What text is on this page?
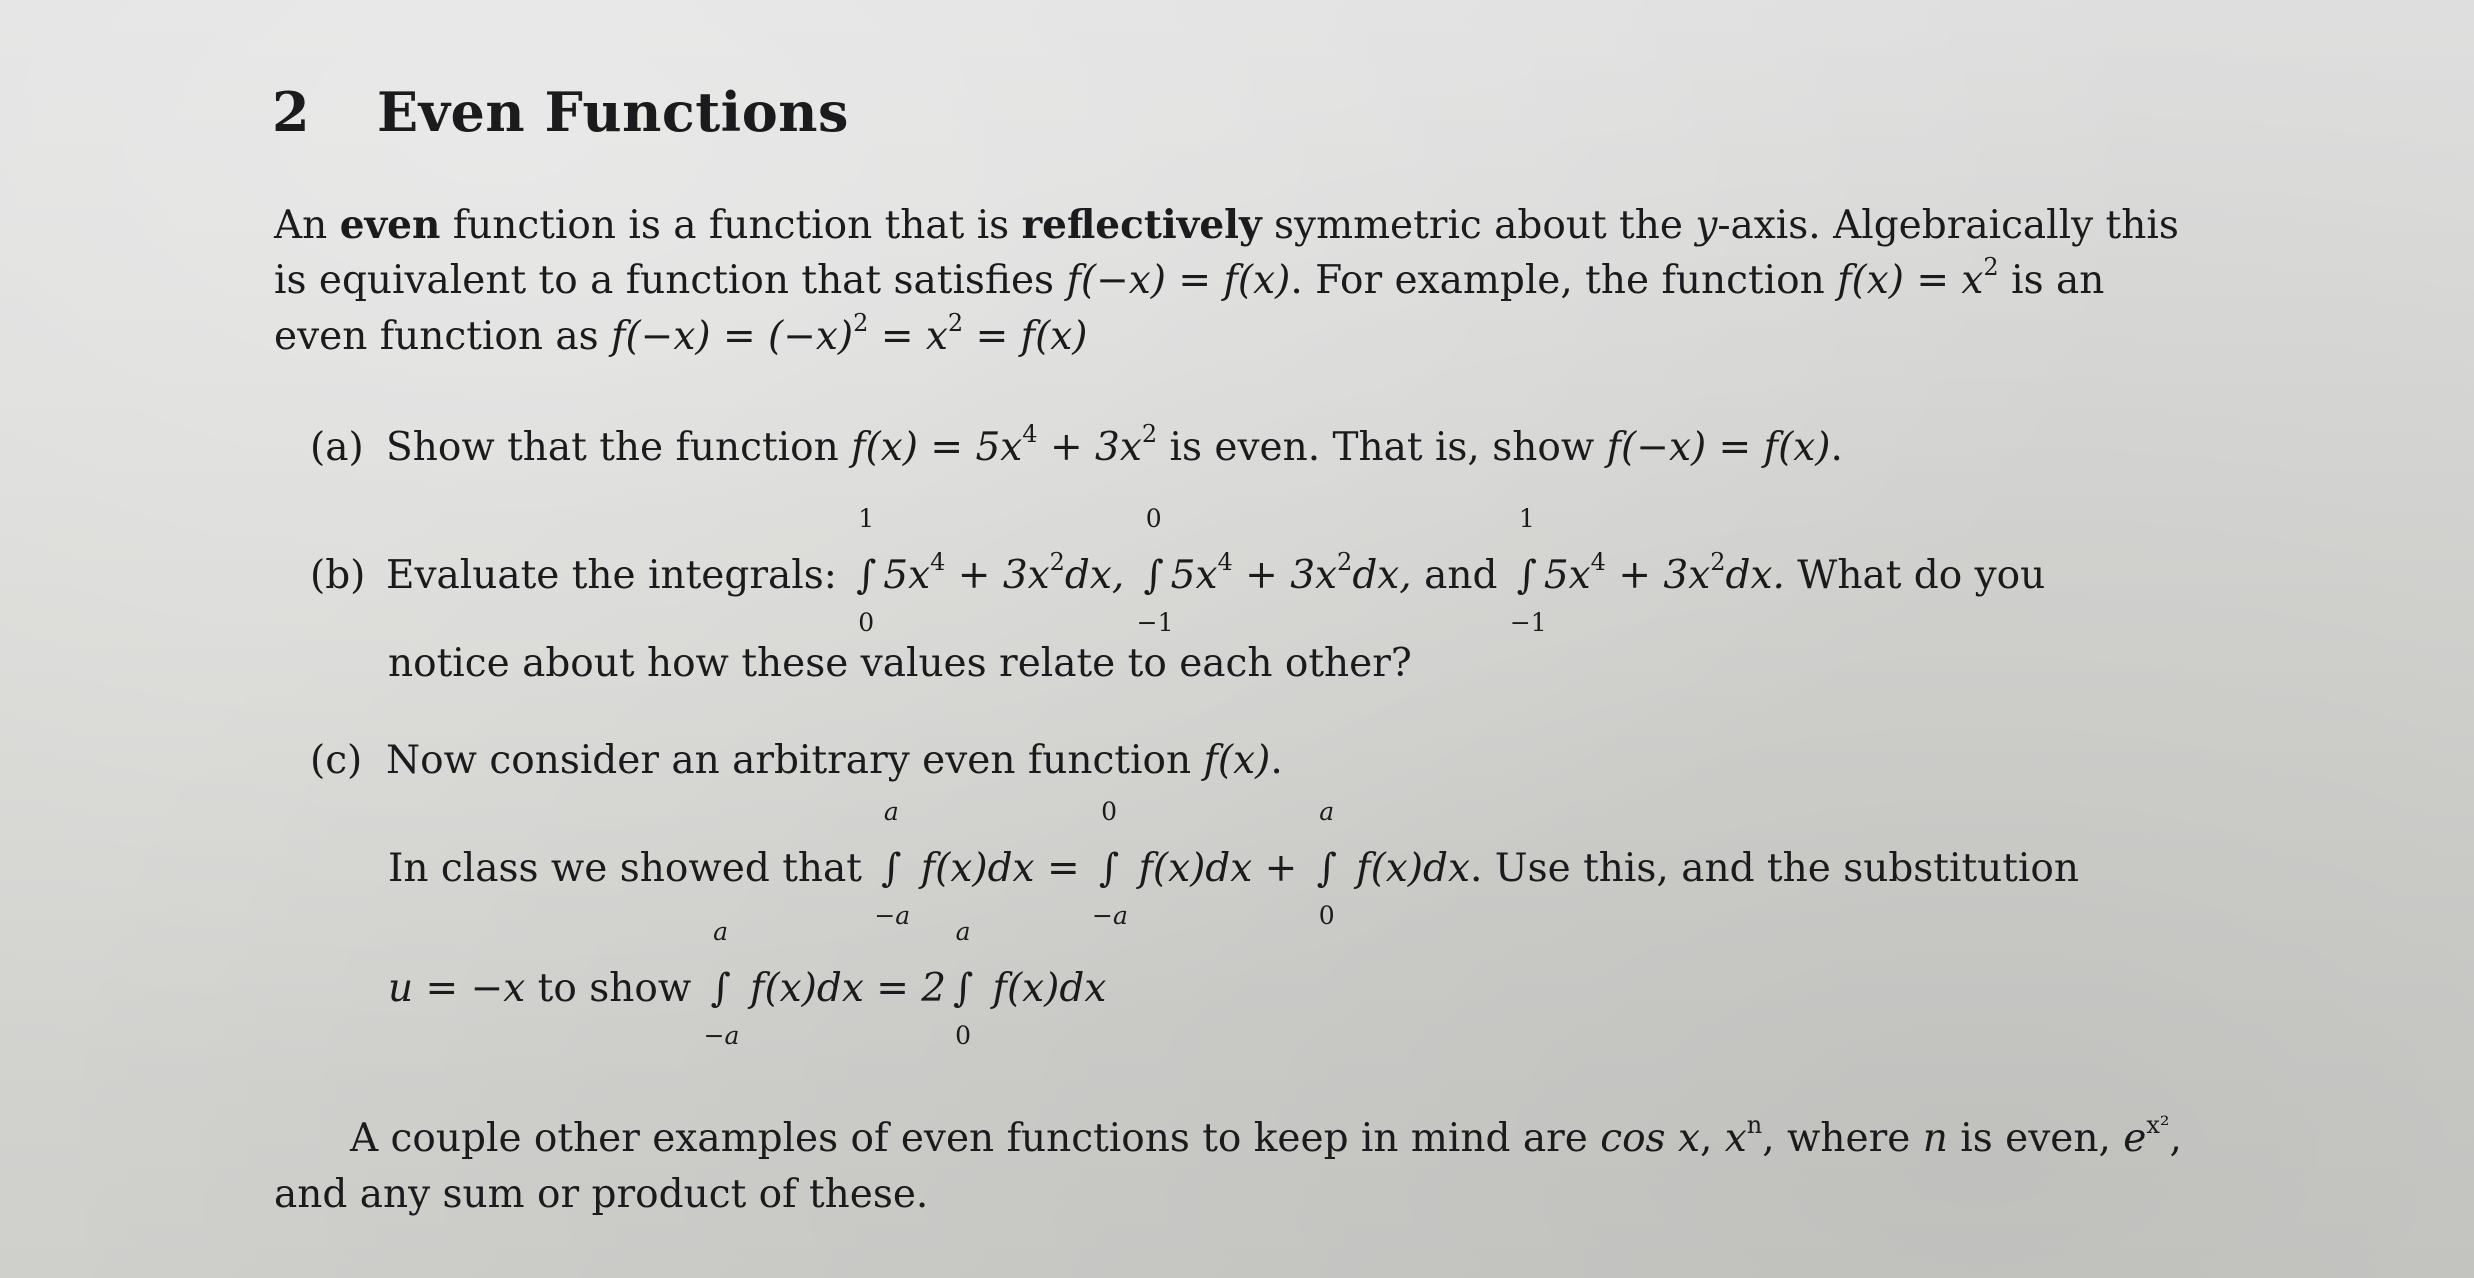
2 Even Functions
An even function is a function that is reflectively symmetric about the y-axis. Algebraically this
is equivalent to a function that satisfies f(−x) = f(x). For example, the function $f(x) = x^2$ is an
even function as $f(-x) = (-x)^2 = x^2 = f(x)$
(a) Show that the function $f(x) = 5x^4 + 3x^2$ is even. That is, show f(−x) = f(x).
(b) Evaluate the integrals:
1
∫
0
$5x^4 + 3x^2dx$,
0
∫
−1
$5x^4 + 3x^2dx$, and
1
∫
−1
$5x^4 + 3x^2dx$. What do you
notice about how these values relate to each other?
(c) Now consider an arbitrary even function f(x).
In class we showed that
a
∫
−a
f(x)dx =
0
∫
−a
f(x)dx +
a
∫
0
f(x)dx. Use this, and the substitution
u = −x to show
a
∫
−a
f(x)dx = 2
a
∫
0
f(x)dx
A couple other examples of even functions to keep in mind are cos x, $x^n$, where n is even, $e^{x^2}$,
and any sum or product of these.
